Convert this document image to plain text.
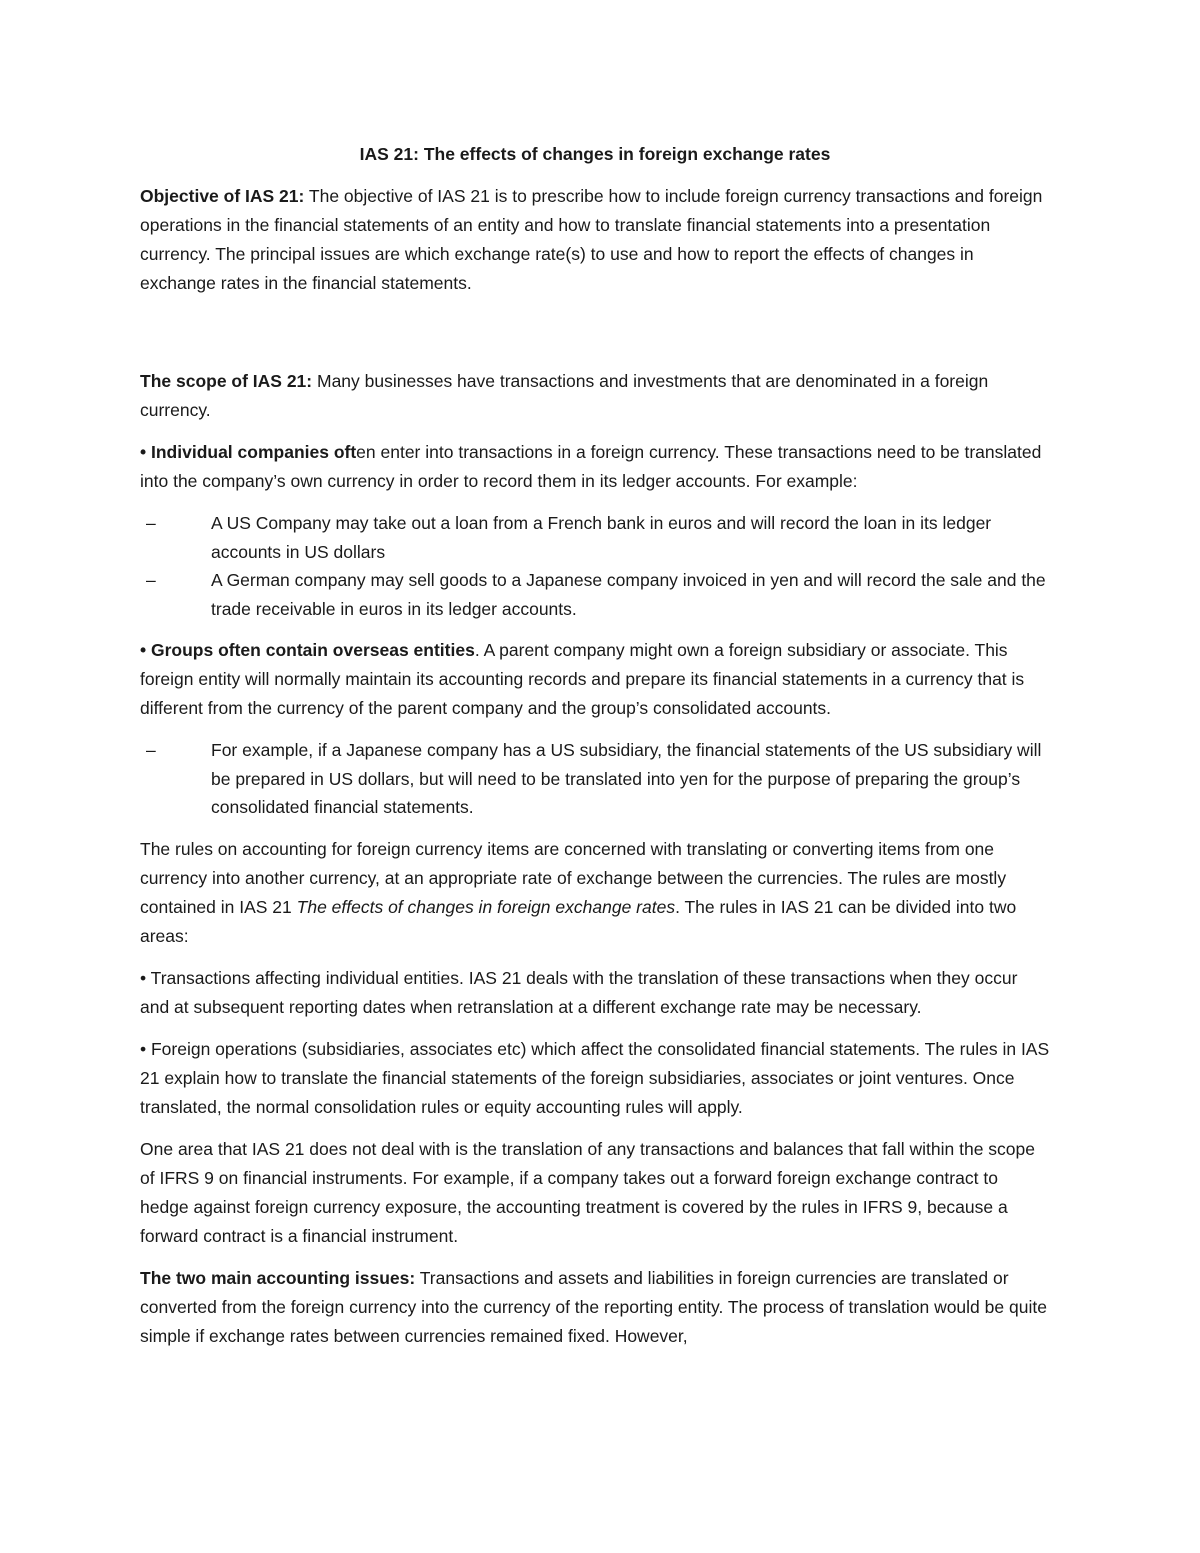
IAS 21: The effects of changes in foreign exchange rates

Objective of IAS 21: The objective of IAS 21 is to prescribe how to include foreign currency transactions and foreign operations in the financial statements of an entity and how to translate financial statements into a presentation currency. The principal issues are which exchange rate(s) to use and how to report the effects of changes in exchange rates in the financial statements.

The scope of IAS 21: Many businesses have transactions and investments that are denominated in a foreign currency.

• Individual companies often enter into transactions in a foreign currency. These transactions need to be translated into the company’s own currency in order to record them in its ledger accounts. For example:

–	A US Company may take out a loan from a French bank in euros and will record the loan in its ledger accounts in US dollars
–	A German company may sell goods to a Japanese company invoiced in yen and will record the sale and the trade receivable in euros in its ledger accounts.

• Groups often contain overseas entities. A parent company might own a foreign subsidiary or associate. This foreign entity will normally maintain its accounting records and prepare its financial statements in a currency that is different from the currency of the parent company and the group’s consolidated accounts.

–	For example, if a Japanese company has a US subsidiary, the financial statements of the US subsidiary will be prepared in US dollars, but will need to be translated into yen for the purpose of preparing the group’s consolidated financial statements.

The rules on accounting for foreign currency items are concerned with translating or converting items from one currency into another currency, at an appropriate rate of exchange between the currencies. The rules are mostly contained in IAS 21 The effects of changes in foreign exchange rates. The rules in IAS 21 can be divided into two areas:

• Transactions affecting individual entities. IAS 21 deals with the translation of these transactions when they occur and at subsequent reporting dates when retranslation at a different exchange rate may be necessary.

• Foreign operations (subsidiaries, associates etc) which affect the consolidated financial statements. The rules in IAS 21 explain how to translate the financial statements of the foreign subsidiaries, associates or joint ventures. Once translated, the normal consolidation rules or equity accounting rules will apply.

One area that IAS 21 does not deal with is the translation of any transactions and balances that fall within the scope of IFRS 9 on financial instruments. For example, if a company takes out a forward foreign exchange contract to hedge against foreign currency exposure, the accounting treatment is covered by the rules in IFRS 9, because a forward contract is a financial instrument.

The two main accounting issues: Transactions and assets and liabilities in foreign currencies are translated or converted from the foreign currency into the currency of the reporting entity. The process of translation would be quite simple if exchange rates between currencies remained fixed. However,
